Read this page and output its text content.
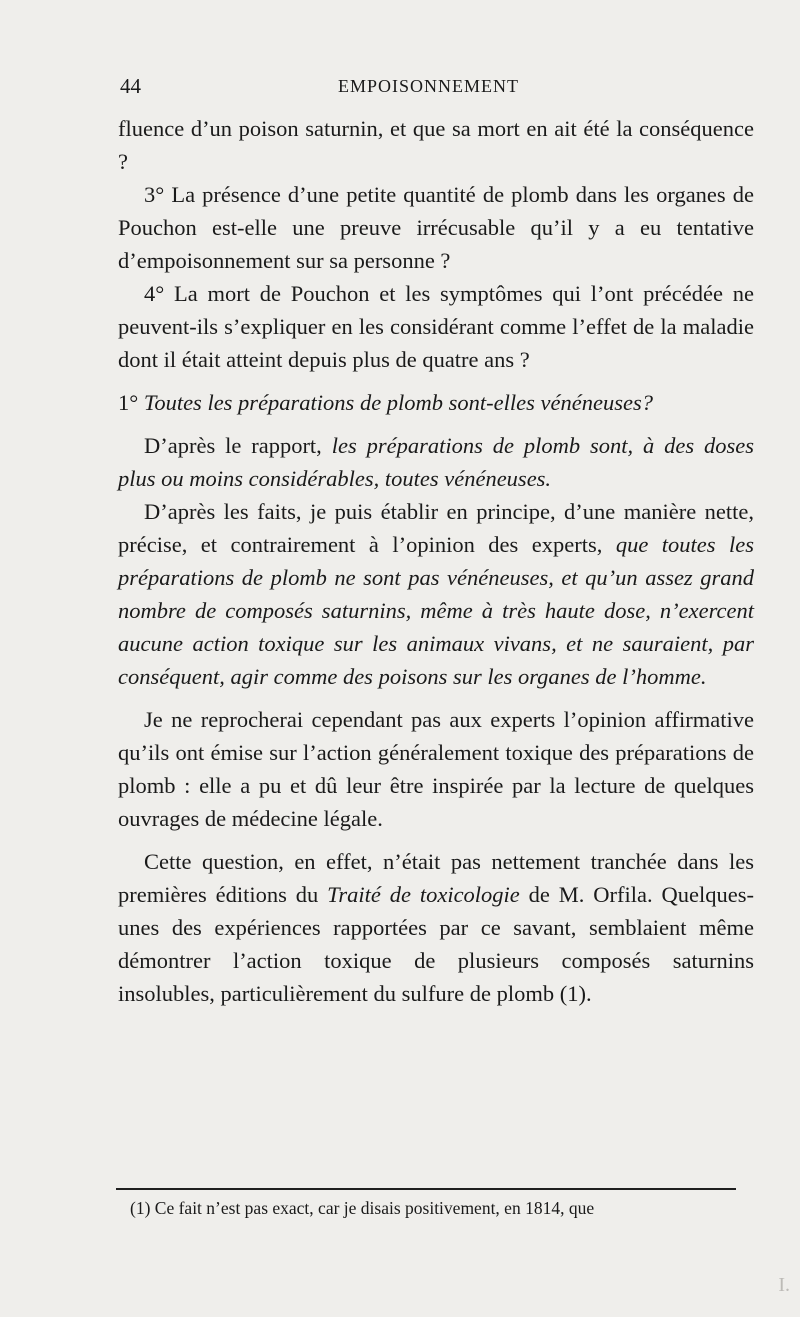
44	EMPOISONNEMENT

fluence d’un poison saturnin, et que sa mort en ait été la conséquence ?

3° La présence d’une petite quantité de plomb dans les organes de Pouchon est-elle une preuve irrécusable qu’il y a eu tentative d’empoisonnement sur sa personne ?

4° La mort de Pouchon et les symptômes qui l’ont précédée ne peuvent-ils s’expliquer en les considérant comme l’effet de la maladie dont il était atteint depuis plus de quatre ans ?

1° Toutes les préparations de plomb sont-elles vénéneuses?

D’après le rapport, les préparations de plomb sont, à des doses plus ou moins considérables, toutes vénéneuses.

D’après les faits, je puis établir en principe, d’une manière nette, précise, et contrairement à l’opinion des experts, que toutes les préparations de plomb ne sont pas vénéneuses, et qu’un assez grand nombre de composés saturnins, même à très haute dose, n’exercent aucune action toxique sur les animaux vivans, et ne sauraient, par conséquent, agir comme des poisons sur les organes de l’homme.

Je ne reprocherai cependant pas aux experts l’opinion affirmative qu’ils ont émise sur l’action généralement toxique des préparations de plomb : elle a pu et dû leur être inspirée par la lecture de quelques ouvrages de médecine légale.

Cette question, en effet, n’était pas nettement tranchée dans les premières éditions du Traité de toxicologie de M. Orfila. Quelques-unes des expériences rapportées par ce savant, semblaient même démontrer l’action toxique de plusieurs composés saturnins insolubles, particulièrement du sulfure de plomb (1).

(1) Ce fait n’est pas exact, car je disais positivement, en 1814, que
I.
